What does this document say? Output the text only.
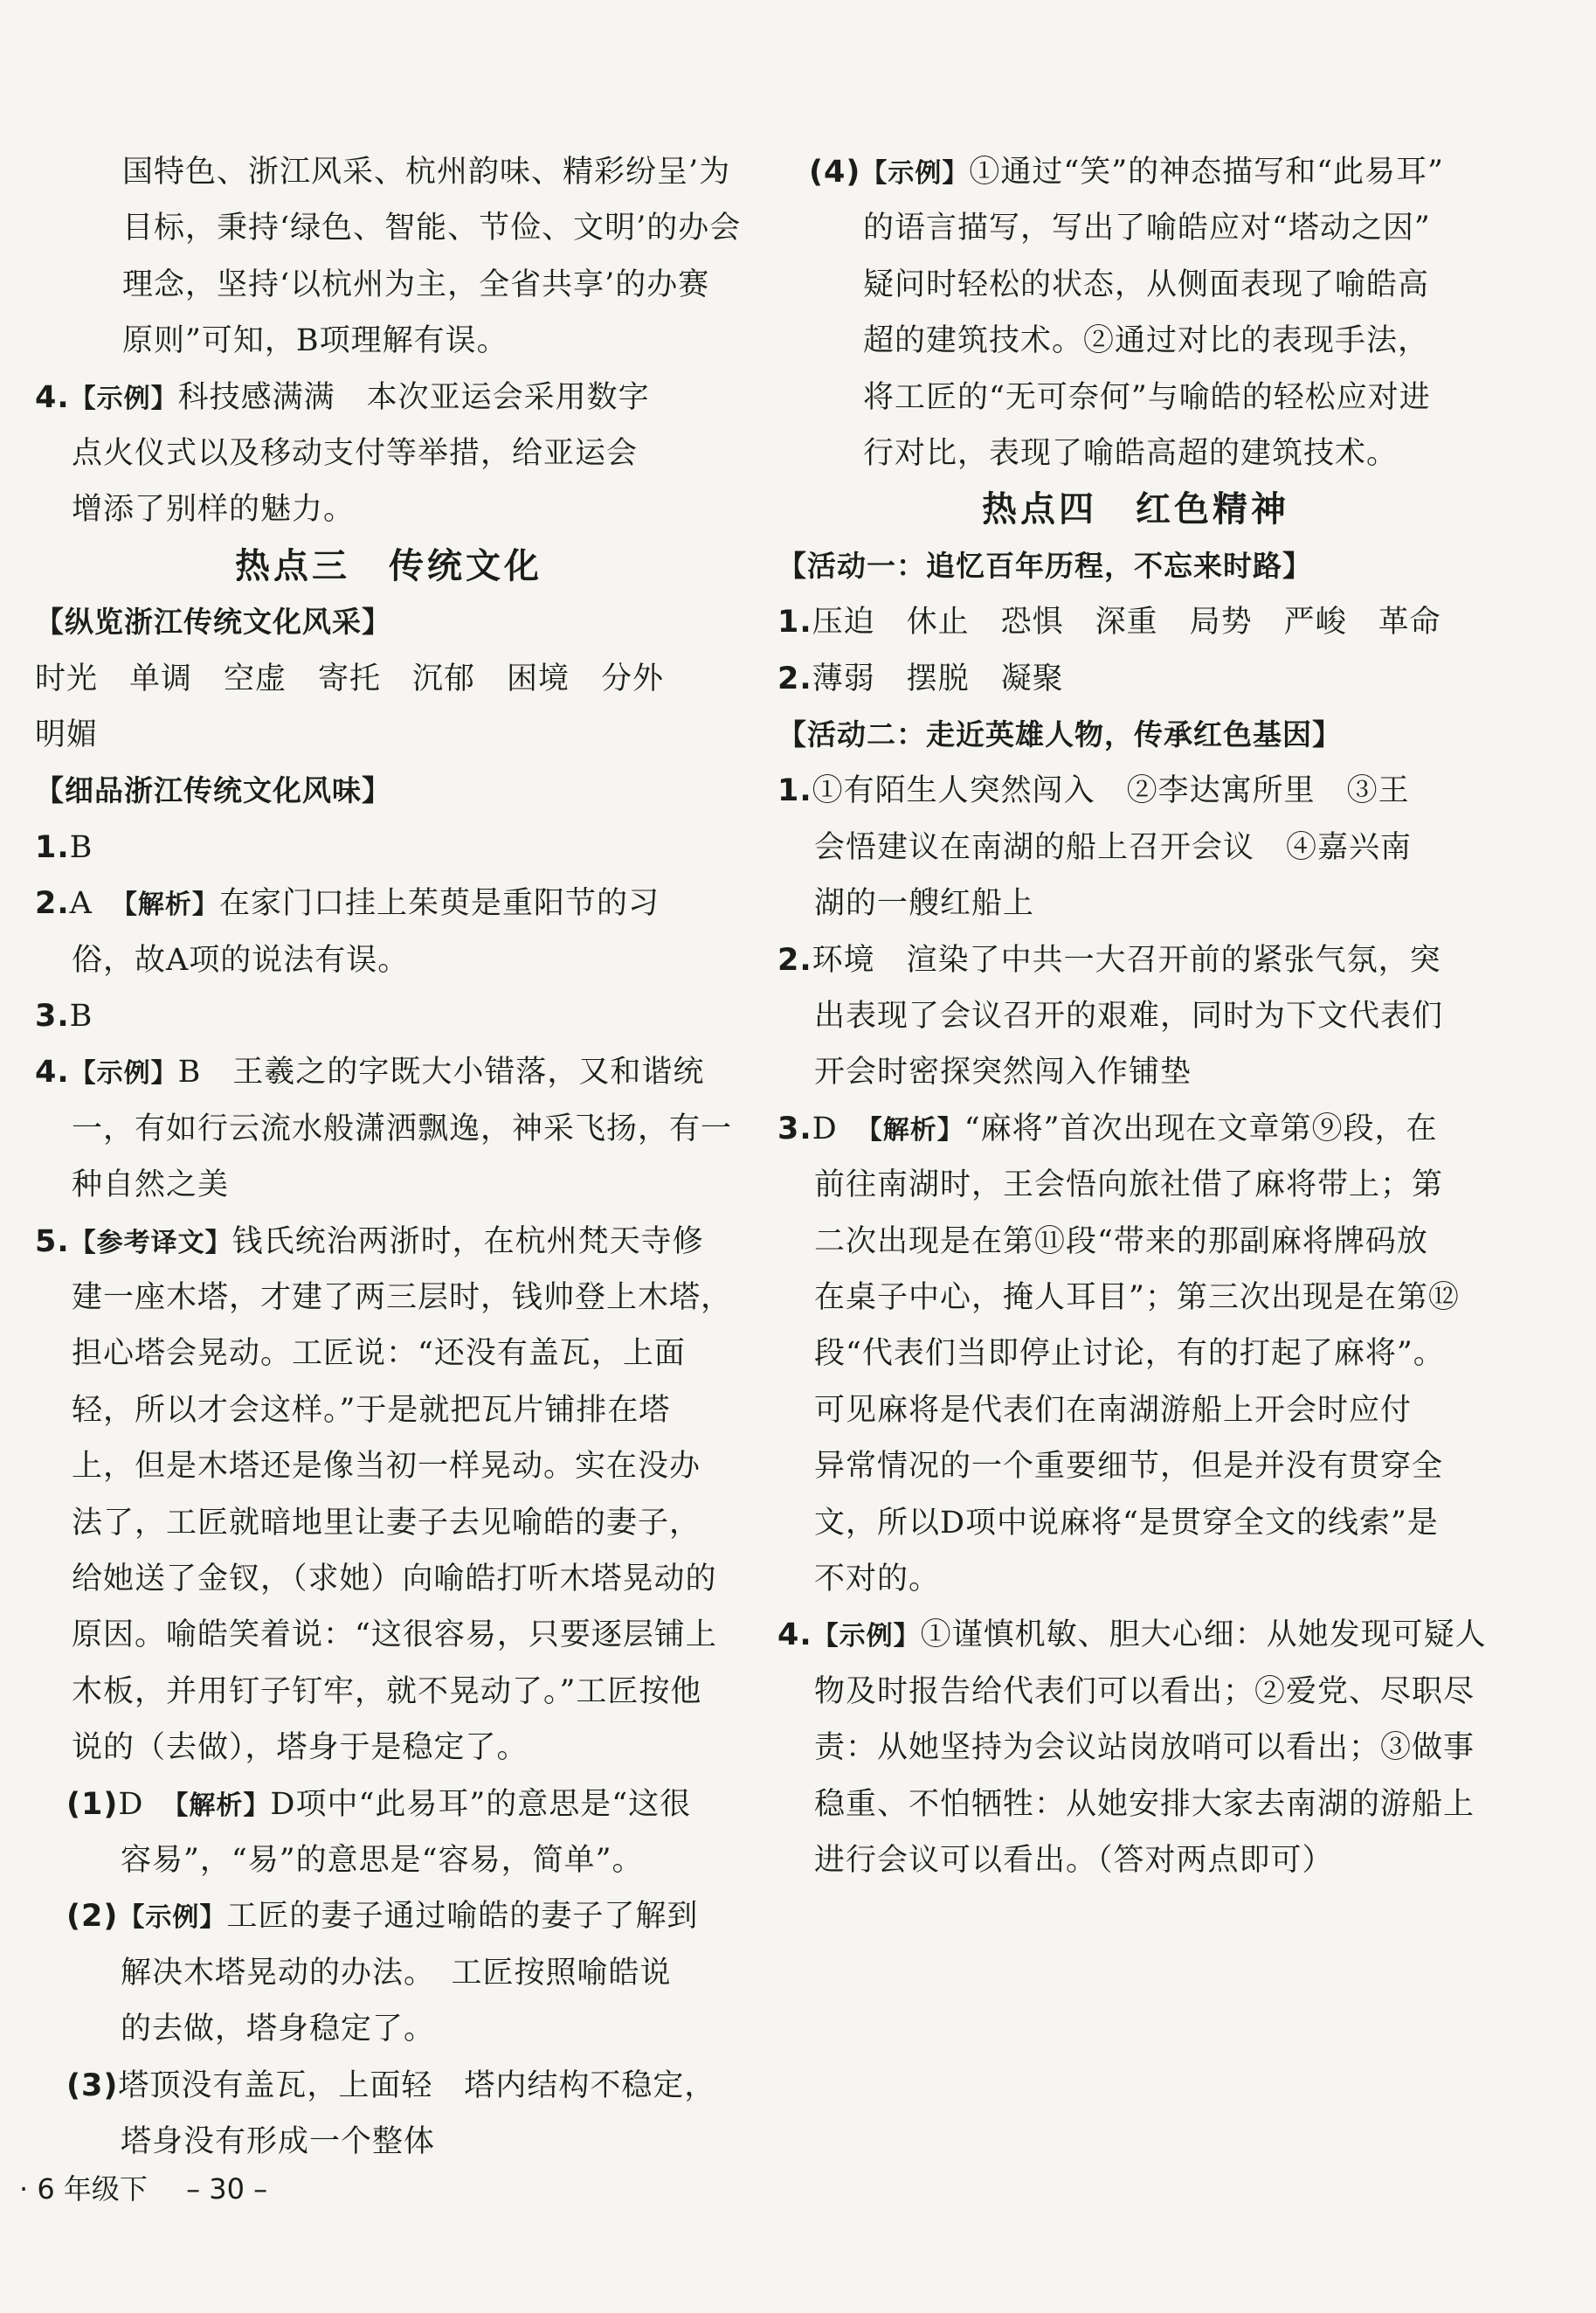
国特色、浙江风采、杭州韵味、精彩纷呈’为
目标，秉持‘绿色、智能、节俭、文明’的办会
理念，坚持‘以杭州为主，全省共享’的办赛
原则”可知，B项理解有误。
4.【示例】科技感满满　本次亚运会采用数字
点火仪式以及移动支付等举措，给亚运会
增添了别样的魅力。
热点三　传统文化
【纵览浙江传统文化风采】
时光　单调　空虚　寄托　沉郁　困境　分外
明媚
【细品浙江传统文化风味】
1.B
2.A　【解析】在家门口挂上茱萸是重阳节的习
俗，故A项的说法有误。
3.B
4.【示例】B　王羲之的字既大小错落，又和谐统
一，有如行云流水般潇洒飘逸，神采飞扬，有一
种自然之美
5.【参考译文】钱氏统治两浙时，在杭州梵天寺修
建一座木塔，才建了两三层时，钱帅登上木塔，
担心塔会晃动。工匠说：“还没有盖瓦，上面
轻，所以才会这样。”于是就把瓦片铺排在塔
上，但是木塔还是像当初一样晃动。实在没办
法了，工匠就暗地里让妻子去见喻皓的妻子，
给她送了金钗，（求她）向喻皓打听木塔晃动的
原因。喻皓笑着说：“这很容易，只要逐层铺上
木板，并用钉子钉牢，就不晃动了。”工匠按他
说的（去做），塔身于是稳定了。
(1)D　【解析】D项中“此易耳”的意思是“这很
容易”，“易”的意思是“容易，简单”。
(2)【示例】工匠的妻子通过喻皓的妻子了解到
解决木塔晃动的办法。　工匠按照喻皓说
的去做，塔身稳定了。
(3)塔顶没有盖瓦，上面轻　塔内结构不稳定，
塔身没有形成一个整体
(4)【示例】①通过“笑”的神态描写和“此易耳”
的语言描写，写出了喻皓应对“塔动之因”
疑问时轻松的状态，从侧面表现了喻皓高
超的建筑技术。②通过对比的表现手法，
将工匠的“无可奈何”与喻皓的轻松应对进
行对比，表现了喻皓高超的建筑技术。
热点四　红色精神
【活动一：追忆百年历程，不忘来时路】
1.压迫　休止　恐惧　深重　局势　严峻　革命
2.薄弱　摆脱　凝聚
【活动二：走近英雄人物，传承红色基因】
1.①有陌生人突然闯入　②李达寓所里　③王
会悟建议在南湖的船上召开会议　④嘉兴南
湖的一艘红船上
2.环境　渲染了中共一大召开前的紧张气氛，突
出表现了会议召开的艰难，同时为下文代表们
开会时密探突然闯入作铺垫
3.D　【解析】“麻将”首次出现在文章第⑨段，在
前往南湖时，王会悟向旅社借了麻将带上；第
二次出现是在第⑪段“带来的那副麻将牌码放
在桌子中心，掩人耳目”；第三次出现是在第⑫
段“代表们当即停止讨论，有的打起了麻将”。
可见麻将是代表们在南湖游船上开会时应付
异常情况的一个重要细节，但是并没有贯穿全
文，所以D项中说麻将“是贯穿全文的线索”是
不对的。
4.【示例】①谨慎机敏、胆大心细：从她发现可疑人
物及时报告给代表们可以看出；②爱党、尽职尽
责：从她坚持为会议站岗放哨可以看出；③做事
稳重、不怕牺牲：从她安排大家去南湖的游船上
进行会议可以看出。（答对两点即可）
· 6 年级下 – 30 –
